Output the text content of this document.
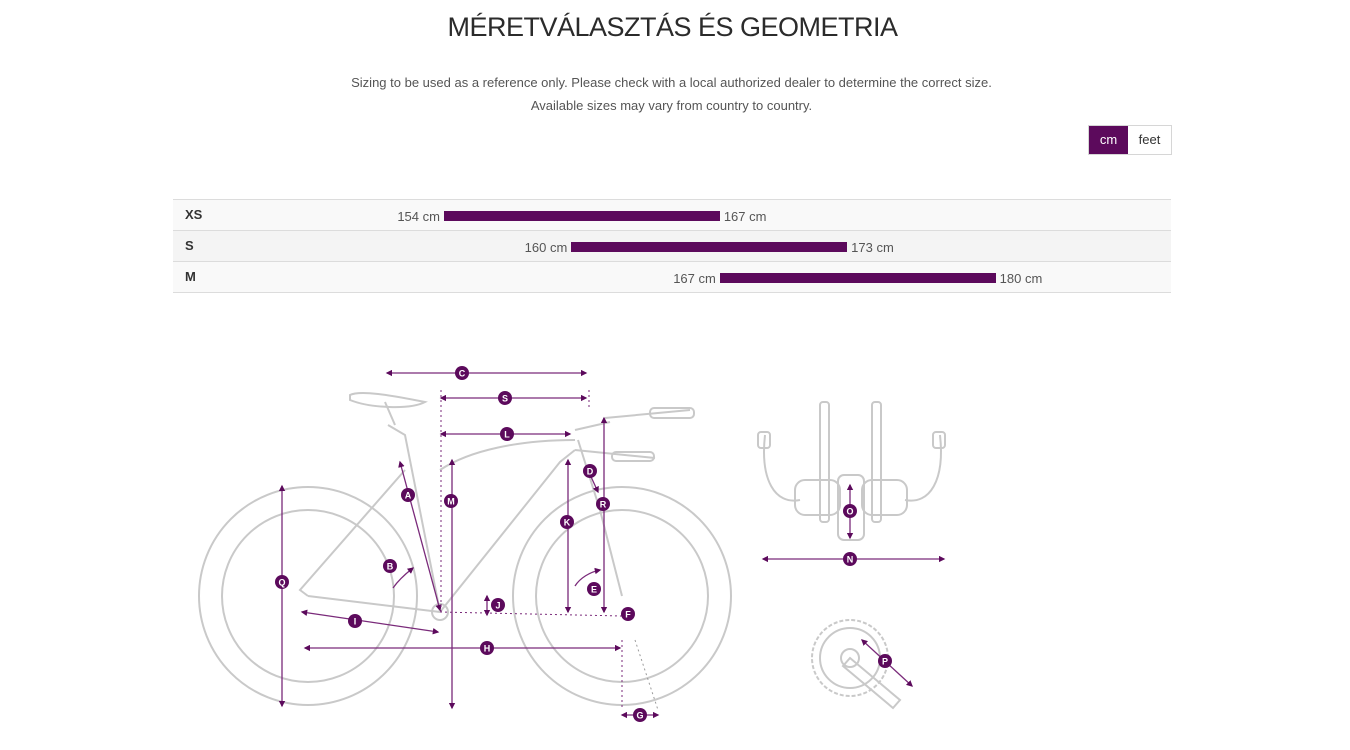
MÉRETVÁLASZTÁS ÉS GEOMETRIA
Sizing to be used as a reference only. Please check with a local authorized dealer to determine the correct size.
Available sizes may vary from country to country.
cm	feet
XS	154 cm	167 cm
S	160 cm	173 cm
M	167 cm	180 cm
A
B
C
D
E
F
G
H
I
J
K
L
M
N
O
P
Q
R
S
